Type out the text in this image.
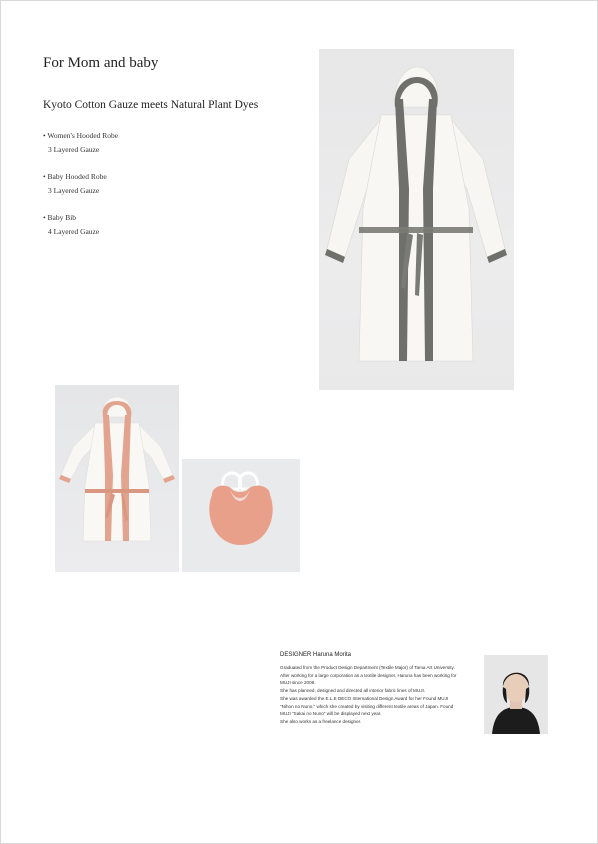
For Mom and baby
Kyoto Cotton Gauze meets Natural Plant Dyes
• Women's Hooded Robe
3 Layered Gauze
• Baby Hooded Robe
3 Layered Gauze
• Baby Bib
4 Layered Gauze
DESIGNER Haruna Morita
Graduated from the Product Design Department (Textile Major) of Tama Art University.
After working for a large corporation as a textile designer, Haruna has been working for
MUJI since 2008.
She has planned, designed and directed all interior fabric lines of MUJI.
She was awarded the E.L.E DECO International Design Award for her Found MUJI
"Nihon no Nuno," which she created by visiting different textile areas of Japan. Found
MUJI "Sakai no Nuno" will be displayed next year.
She also works as a freelance designer.
